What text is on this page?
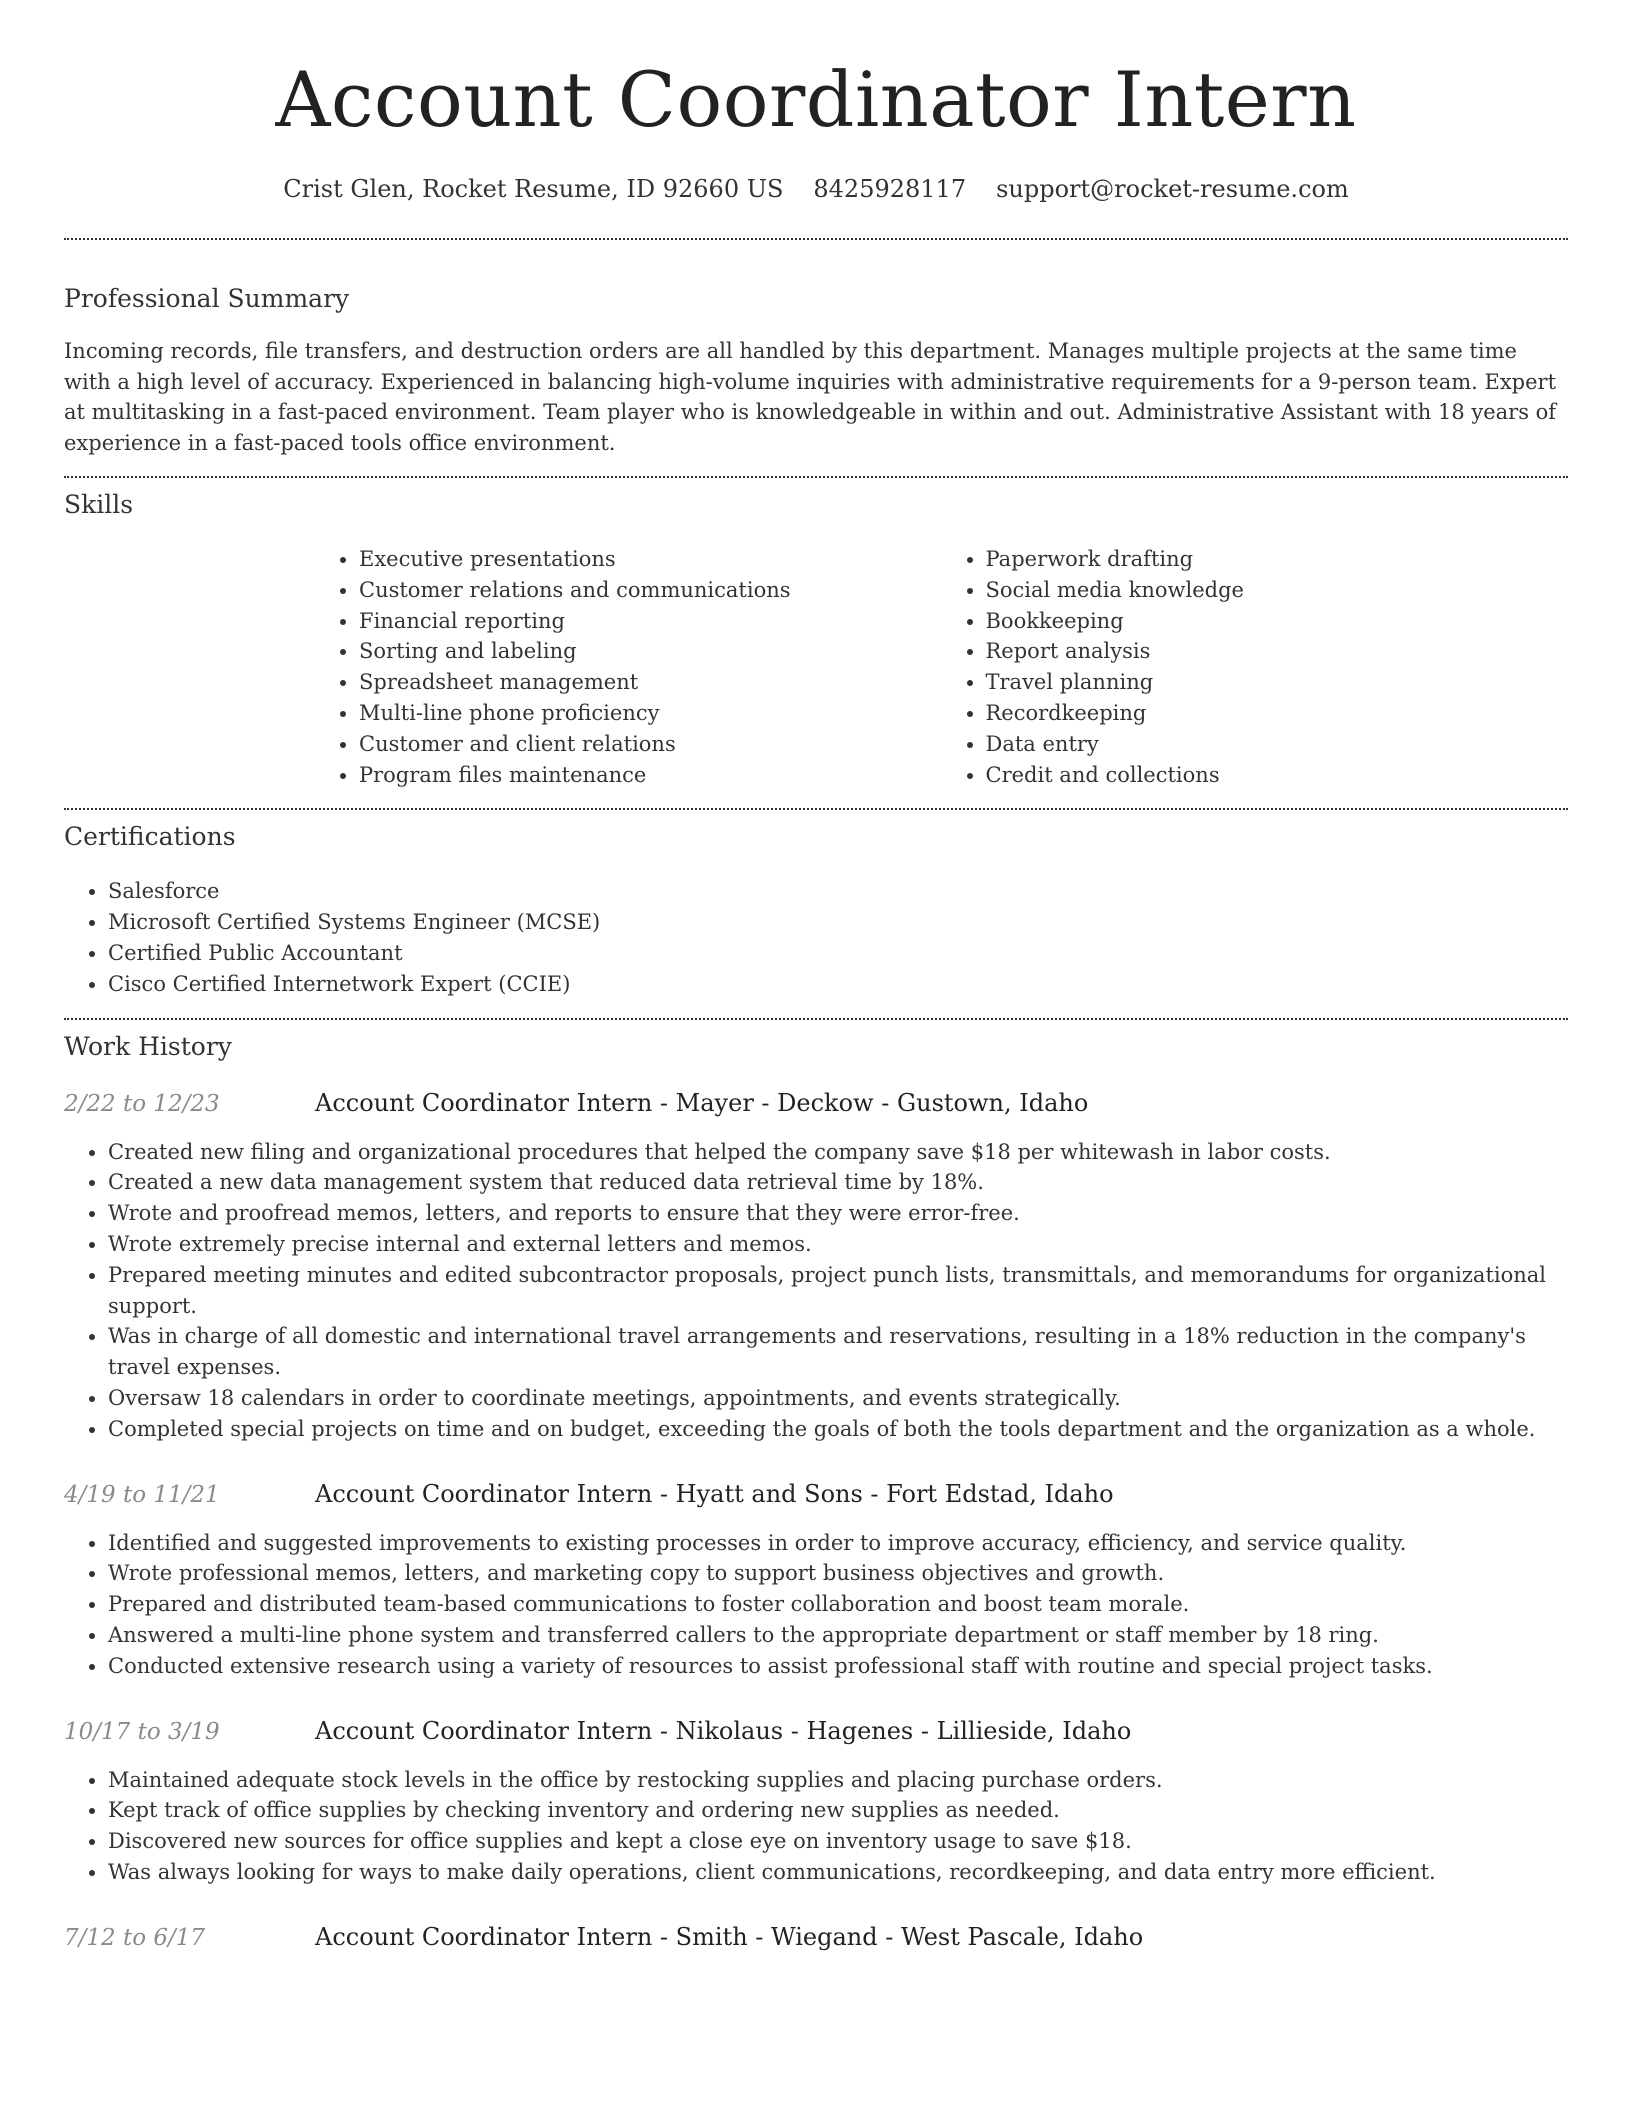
Account Coordinator Intern
Crist Glen, Rocket Resume, ID 92660 US 8425928117 support@rocket-resume.com
Professional Summary

Incoming records, file transfers, and destruction orders are all handled by this department. Manages multiple projects at the same time with a high level of accuracy. Experienced in balancing high-volume inquiries with administrative requirements for a 9-person team. Expert at multitasking in a fast-paced environment. Team player who is knowledgeable in within and out. Administrative Assistant with 18 years of experience in a fast-paced tools office environment.

Skills
• Executive presentations
• Customer relations and communications
• Financial reporting
• Sorting and labeling
• Spreadsheet management
• Multi-line phone proficiency
• Customer and client relations
• Program files maintenance
• Paperwork drafting
• Social media knowledge
• Bookkeeping
• Report analysis
• Travel planning
• Recordkeeping
• Data entry
• Credit and collections
Certifications
• Salesforce
• Microsoft Certified Systems Engineer (MCSE)
• Certified Public Accountant
• Cisco Certified Internetwork Expert (CCIE)
Work History
2/22 to 12/23	Account Coordinator Intern - Mayer - Deckow - Gustown, Idaho
• Created new filing and organizational procedures that helped the company save $18 per whitewash in labor costs.
• Created a new data management system that reduced data retrieval time by 18%.
• Wrote and proofread memos, letters, and reports to ensure that they were error-free.
• Wrote extremely precise internal and external letters and memos.
• Prepared meeting minutes and edited subcontractor proposals, project punch lists, transmittals, and memorandums for organizational support.
• Was in charge of all domestic and international travel arrangements and reservations, resulting in a 18% reduction in the company's travel expenses.
• Oversaw 18 calendars in order to coordinate meetings, appointments, and events strategically.
• Completed special projects on time and on budget, exceeding the goals of both the tools department and the organization as a whole.
4/19 to 11/21	Account Coordinator Intern - Hyatt and Sons - Fort Edstad, Idaho
• Identified and suggested improvements to existing processes in order to improve accuracy, efficiency, and service quality.
• Wrote professional memos, letters, and marketing copy to support business objectives and growth.
• Prepared and distributed team-based communications to foster collaboration and boost team morale.
• Answered a multi-line phone system and transferred callers to the appropriate department or staff member by 18 ring.
• Conducted extensive research using a variety of resources to assist professional staff with routine and special project tasks.
10/17 to 3/19	Account Coordinator Intern - Nikolaus - Hagenes - Lillieside, Idaho
• Maintained adequate stock levels in the office by restocking supplies and placing purchase orders.
• Kept track of office supplies by checking inventory and ordering new supplies as needed.
• Discovered new sources for office supplies and kept a close eye on inventory usage to save $18.
• Was always looking for ways to make daily operations, client communications, recordkeeping, and data entry more efficient.
7/12 to 6/17	Account Coordinator Intern - Smith - Wiegand - West Pascale, Idaho
